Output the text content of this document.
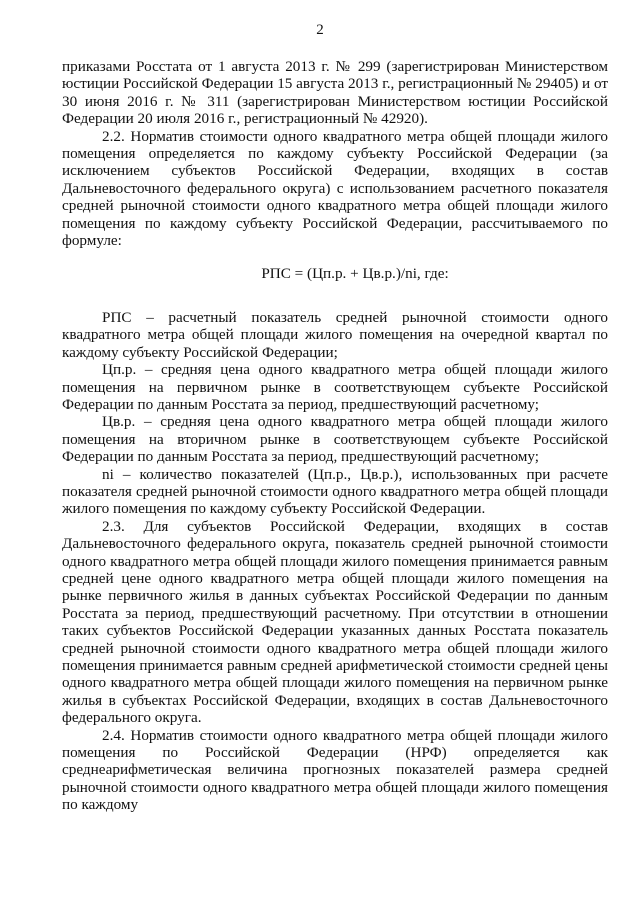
2

приказами Росстата от 1 августа 2013 г. № 299 (зарегистрирован Министерством юстиции Российской Федерации 15 августа 2013 г., регистрационный № 29405) и от 30 июня 2016 г. № 311 (зарегистрирован Министерством юстиции Российской Федерации 20 июля 2016 г., регистрационный № 42920).

2.2. Норматив стоимости одного квадратного метра общей площади жилого помещения определяется по каждому субъекту Российской Федерации (за исключением субъектов Российской Федерации, входящих в состав Дальневосточного федерального округа) с использованием расчетного показателя средней рыночной стоимости одного квадратного метра общей площади жилого помещения по каждому субъекту Российской Федерации, рассчитываемого по формуле:

РПС = (Цп.р. + Цв.р.)/ni, где:

РПС – расчетный показатель средней рыночной стоимости одного квадратного метра общей площади жилого помещения на очередной квартал по каждому субъекту Российской Федерации;

Цп.р. – средняя цена одного квадратного метра общей площади жилого помещения на первичном рынке в соответствующем субъекте Российской Федерации по данным Росстата за период, предшествующий расчетному;

Цв.р. – средняя цена одного квадратного метра общей площади жилого помещения на вторичном рынке в соответствующем субъекте Российской Федерации по данным Росстата за период, предшествующий расчетному;

ni – количество показателей (Цп.р., Цв.р.), использованных при расчете показателя средней рыночной стоимости одного квадратного метра общей площади жилого помещения по каждому субъекту Российской Федерации.

2.3. Для субъектов Российской Федерации, входящих в состав Дальневосточного федерального округа, показатель средней рыночной стоимости одного квадратного метра общей площади жилого помещения принимается равным средней цене одного квадратного метра общей площади жилого помещения на рынке первичного жилья в данных субъектах Российской Федерации по данным Росстата за период, предшествующий расчетному. При отсутствии в отношении таких субъектов Российской Федерации указанных данных Росстата показатель средней рыночной стоимости одного квадратного метра общей площади жилого помещения принимается равным средней арифметической стоимости средней цены одного квадратного метра общей площади жилого помещения на первичном рынке жилья в субъектах Российской Федерации, входящих в состав Дальневосточного федерального округа.

2.4. Норматив стоимости одного квадратного метра общей площади жилого помещения по Российской Федерации (НРФ) определяется как среднеарифметическая величина прогнозных показателей размера средней рыночной стоимости одного квадратного метра общей площади жилого помещения по каждому
